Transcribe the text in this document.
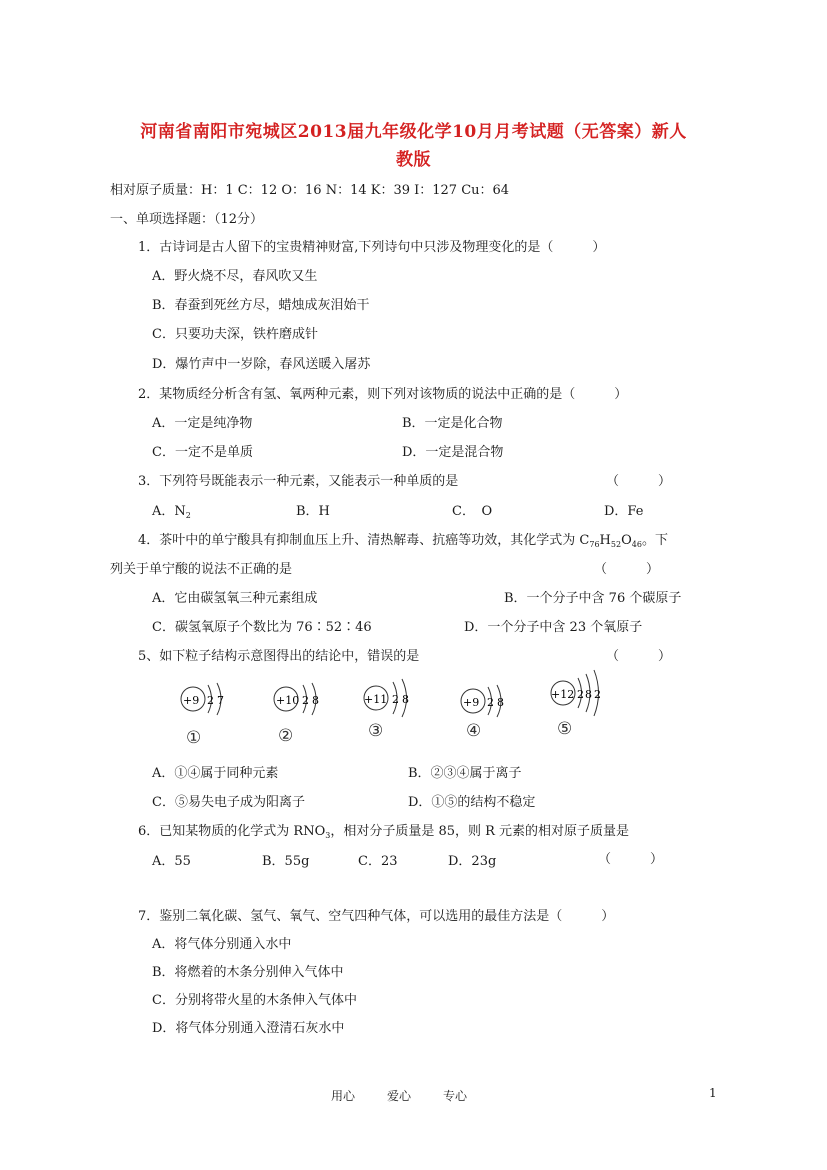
河南省南阳市宛城区2013届九年级化学10月月考试题（无答案）新人
教版
相对原子质量：H：1 C：12 O：16 N：14 K：39 I：127 Cu：64
一、单项选择题：（12分）
1．古诗词是古人留下的宝贵精神财富,下列诗句中只涉及物理变化的是（　　　）
A．野火烧不尽，春风吹又生
B．春蚕到死丝方尽，蜡烛成灰泪始干
C．只要功夫深，铁杵磨成针
D．爆竹声中一岁除，春风送暖入屠苏
2．某物质经分析含有氢、氧两种元素，则下列对该物质的说法中正确的是（　　　）
A．一定是纯净物	B．一定是化合物
C．一定不是单质	D．一定是混合物
3．下列符号既能表示一种元素，又能表示一种单质的是	（　　　）
A．$N_2$	B．H	C．　O	D．Fe
4．茶叶中的单宁酸具有抑制血压上升、清热解毒、抗癌等功效，其化学式为 $C_{76}H_{52}O_{46}$。下
列关于单宁酸的说法不正确的是	（　　　）
A．它由碳氢氧三种元素组成	B．一个分子中含 76 个碳原子
C．碳氢氧原子个数比为 76∶52∶46	D．一个分子中含 23 个氧原子
5、如下粒子结构示意图得出的结论中，错误的是	（　　　）
+9 2 7	+10 2 8	+11 2 8	+9 2 8
+12 2 8 2
①	②	③	④	⑤
A．①④属于同种元素	B．②③④属于离子
C．⑤易失电子成为阳离子	D．①⑤的结构不稳定
6．已知某物质的化学式为 $RNO_3$，相对分子质量是 85，则 R 元素的相对原子质量是
A．55	B．55g	C．23	D．23g	（　　　）
7．鉴别二氧化碳、氢气、氧气、空气四种气体，可以选用的最佳方法是（　　　）
A．将气体分别通入水中
B．将燃着的木条分别伸入气体中
C．分别将带火星的木条伸入气体中
D．将气体分别通入澄清石灰水中
用心	爱心	专心	1
